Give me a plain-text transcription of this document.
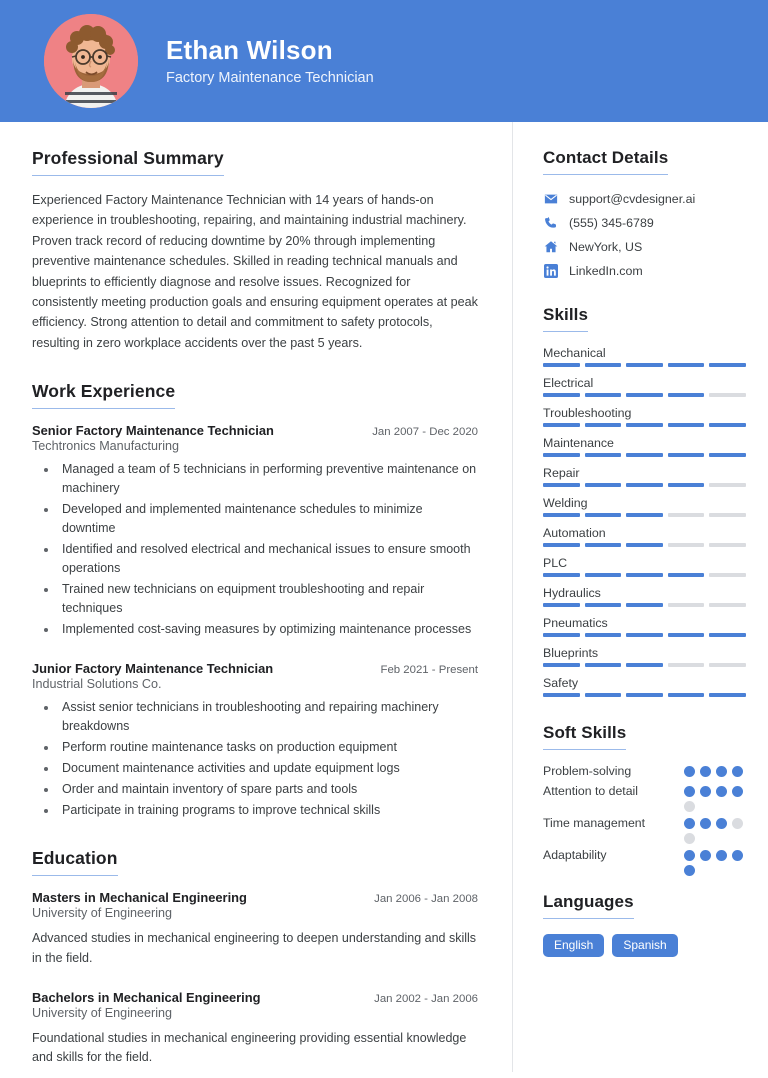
Ethan Wilson
Factory Maintenance Technician
Professional Summary
Experienced Factory Maintenance Technician with 14 years of hands-on experience in troubleshooting, repairing, and maintaining industrial machinery. Proven track record of reducing downtime by 20% through implementing preventive maintenance schedules. Skilled in reading technical manuals and blueprints to efficiently diagnose and resolve issues. Recognized for consistently meeting production goals and ensuring equipment operates at peak efficiency. Strong attention to detail and commitment to safety protocols, resulting in zero workplace accidents over the past 5 years.
Work Experience
Senior Factory Maintenance Technician	Jan 2007 - Dec 2020
Techtronics Manufacturing
• Managed a team of 5 technicians in performing preventive maintenance on machinery
• Developed and implemented maintenance schedules to minimize downtime
• Identified and resolved electrical and mechanical issues to ensure smooth operations
• Trained new technicians on equipment troubleshooting and repair techniques
• Implemented cost-saving measures by optimizing maintenance processes
Junior Factory Maintenance Technician	Feb 2021 - Present
Industrial Solutions Co.
• Assist senior technicians in troubleshooting and repairing machinery breakdowns
• Perform routine maintenance tasks on production equipment
• Document maintenance activities and update equipment logs
• Order and maintain inventory of spare parts and tools
• Participate in training programs to improve technical skills
Education
Masters in Mechanical Engineering	Jan 2006 - Jan 2008
University of Engineering
Advanced studies in mechanical engineering to deepen understanding and skills in the field.
Bachelors in Mechanical Engineering	Jan 2002 - Jan 2006
University of Engineering
Foundational studies in mechanical engineering providing essential knowledge and skills for the field.
Contact Details
support@cvdesigner.ai
(555) 345-6789
NewYork, US
LinkedIn.com
Skills
Mechanical
Electrical
Troubleshooting
Maintenance
Repair
Welding
Automation
PLC
Hydraulics
Pneumatics
Blueprints
Safety
Soft Skills
Problem-solving
Attention to detail
Time management
Adaptability
Languages
English	Spanish
